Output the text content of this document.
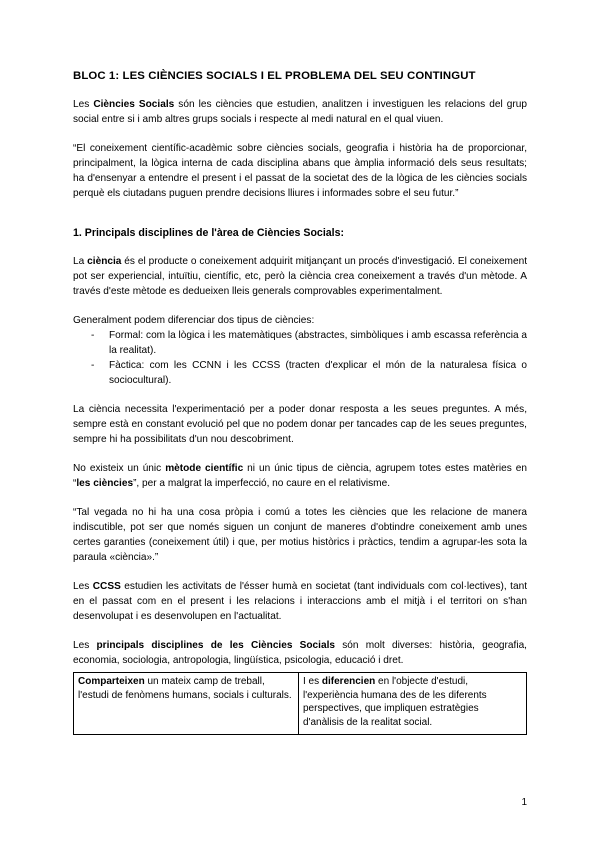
BLOC 1: LES CIÈNCIES SOCIALS I EL PROBLEMA DEL SEU CONTINGUT

Les Ciències Socials són les ciències que estudien, analitzen i investiguen les relacions del grup social entre si i amb altres grups socials i respecte al medi natural en el qual viuen.

“El coneixement científic-acadèmic sobre ciències socials, geografia i història ha de proporcionar, principalment, la lògica interna de cada disciplina abans que àmplia informació dels seus resultats; ha d'ensenyar a entendre el present i el passat de la societat des de la lògica de les ciències socials perquè els ciutadans puguen prendre decisions lliures i informades sobre el seu futur.”

1. Principals disciplines de l'àrea de Ciències Socials:

La ciència és el producte o coneixement adquirit mitjançant un procés d'investigació. El coneixement pot ser experiencial, intuïtiu, científic, etc, però la ciència crea coneixement a través d'un mètode. A través d'este mètode es dedueixen lleis generals comprovables experimentalment.

Generalment podem diferenciar dos tipus de ciències:

- Formal: com la lògica i les matemàtiques (abstractes, simbòliques i amb escassa referència a la realitat).
- Fàctica: com les CCNN i les CCSS (tracten d'explicar el món de la naturalesa física o sociocultural).

La ciència necessita l'experimentació per a poder donar resposta a les seues preguntes. A més, sempre està en constant evolució pel que no podem donar per tancades cap de les seues preguntes, sempre hi ha possibilitats d'un nou descobriment.

No existeix un únic mètode científic ni un únic tipus de ciència, agrupem totes estes matèries en “les ciències”, per a malgrat la imperfecció, no caure en el relativisme.

“Tal vegada no hi ha una cosa pròpia i comú a totes les ciències que les relacione de manera indiscutible, pot ser que només siguen un conjunt de maneres d'obtindre coneixement amb unes certes garanties (coneixement útil) i que, per motius històrics i pràctics, tendim a agrupar-les sota la paraula «ciència».”

Les CCSS estudien les activitats de l'ésser humà en societat (tant individuals com col·lectives), tant en el passat com en el present i les relacions i interaccions amb el mitjà i el territori on s'han desenvolupat i es desenvolupen en l'actualitat.

Les principals disciplines de les Ciències Socials són molt diverses: història, geografia, economia, sociologia, antropologia, lingüística, psicologia, educació i dret.

Comparteixen un mateix camp de treball, l'estudi de fenòmens humans, socials i culturals.	I es diferencien en l'objecte d'estudi, l'experiència humana des de les diferents perspectives, que impliquen estratègies d'anàlisis de la realitat social.
1
